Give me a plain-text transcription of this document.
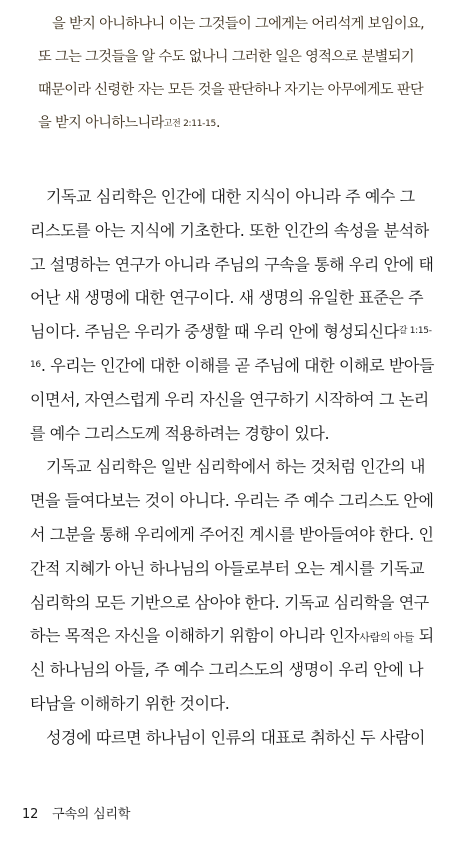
을 받지 아니하나니 이는 그것들이 그에게는 어리석게 보임이요,
또 그는 그것들을 알 수도 없나니 그러한 일은 영적으로 분별되기
때문이라 신령한 자는 모든 것을 판단하나 자기는 아무에게도 판단
을 받지 아니하느니라고전 2:11-15.
기독교 심리학은 인간에 대한 지식이 아니라 주 예수 그
리스도를 아는 지식에 기초한다. 또한 인간의 속성을 분석하
고 설명하는 연구가 아니라 주님의 구속을 통해 우리 안에 태
어난 새 생명에 대한 연구이다. 새 생명의 유일한 표준은 주
님이다. 주님은 우리가 중생할 때 우리 안에 형성되신다$^{갈 1:15-}$
$^{16}$. 우리는 인간에 대한 이해를 곧 주님에 대한 이해로 받아들
이면서, 자연스럽게 우리 자신을 연구하기 시작하여 그 논리
를 예수 그리스도께 적용하려는 경향이 있다.
기독교 심리학은 일반 심리학에서 하는 것처럼 인간의 내
면을 들여다보는 것이 아니다. 우리는 주 예수 그리스도 안에
서 그분을 통해 우리에게 주어진 계시를 받아들여야 한다. 인
간적 지혜가 아닌 하나님의 아들로부터 오는 계시를 기독교
심리학의 모든 기반으로 삼아야 한다. 기독교 심리학을 연구
하는 목적은 자신을 이해하기 위함이 아니라 인자사람의 아들 되
신 하나님의 아들, 주 예수 그리스도의 생명이 우리 안에 나
타남을 이해하기 위한 것이다.
성경에 따르면 하나님이 인류의 대표로 취하신 두 사람이
12 구속의 심리학
